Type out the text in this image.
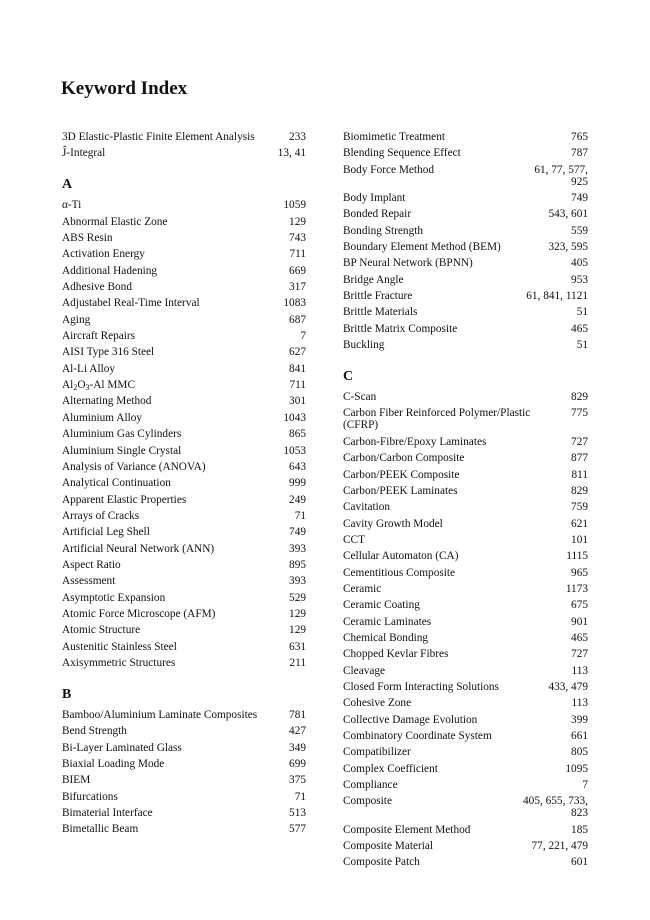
Keyword Index
3D Elastic-Plastic Finite Element Analysis	233
Ĵ-Integral	13, 41
A
α-Ti	1059
Abnormal Elastic Zone	129
ABS Resin	743
Activation Energy	711
Additional Hadening	669
Adhesive Bond	317
Adjustabel Real-Time Interval	1083
Aging	687
Aircraft Repairs	7
AISI Type 316 Steel	627
Al-Li Alloy	841
$Al_2O_3-Al$ MMC	711
Alternating Method	301
Aluminium Alloy	1043
Aluminium Gas Cylinders	865
Aluminium Single Crystal	1053
Analysis of Variance (ANOVA)	643
Analytical Continuation	999
Apparent Elastic Properties	249
Arrays of Cracks	71
Artificial Leg Shell	749
Artificial Neural Network (ANN)	393
Aspect Ratio	895
Assessment	393
Asymptotic Expansion	529
Atomic Force Microscope (AFM)	129
Atomic Structure	129
Austenitic Stainless Steel	631
Axisymmetric Structures	211
B
Bamboo/Aluminium Laminate Composites	781
Bend Strength	427
Bi-Layer Laminated Glass	349
Biaxial Loading Mode	699
BIEM	375
Bifurcations	71
Bimaterial Interface	513
Bimetallic Beam	577
Biomimetic Treatment	765
Blending Sequence Effect	787
Body Force Method	61, 77, 577,
925
Body Implant	749
Bonded Repair	543, 601
Bonding Strength	559
Boundary Element Method (BEM)	323, 595
BP Neural Network (BPNN)	405
Bridge Angle	953
Brittle Fracture	61, 841, 1121
Brittle Materials	51
Brittle Matrix Composite	465
Buckling	51
C
C-Scan	829
Carbon Fiber Reinforced Polymer/Plastic (CFRP)
775
Carbon-Fibre/Epoxy Laminates	727
Carbon/Carbon Composite	877
Carbon/PEEK Composite	811
Carbon/PEEK Laminates	829
Cavitation	759
Cavity Growth Model	621
CCT	101
Cellular Automaton (CA)	1115
Cementitious Composite	965
Ceramic	1173
Ceramic Coating	675
Ceramic Laminates	901
Chemical Bonding	465
Chopped Kevlar Fibres	727
Cleavage	113
Closed Form Interacting Solutions	433, 479
Cohesive Zone	113
Collective Damage Evolution	399
Combinatory Coordinate System	661
Compatibilizer	805
Complex Coefficient	1095
Compliance	7
Composite	405, 655, 733,
823
Composite Element Method	185
Composite Material	77, 221, 479
Composite Patch	601
